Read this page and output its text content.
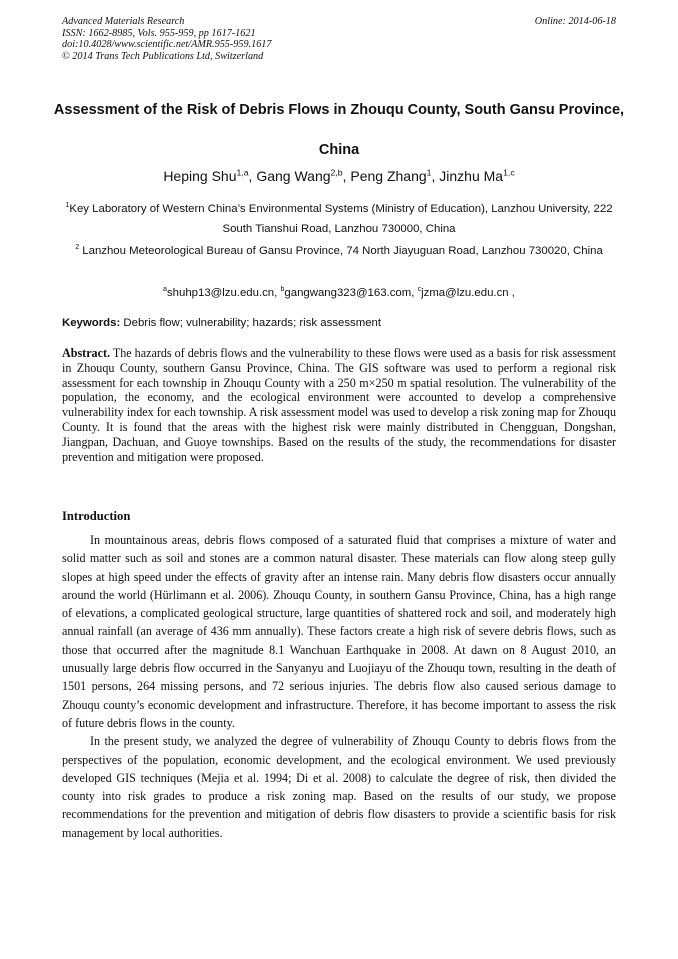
Advanced Materials Research	Online: 2014-06-18
ISSN: 1662-8985, Vols. 955-959, pp 1617-1621
doi:10.4028/www.scientific.net/AMR.955-959.1617
© 2014 Trans Tech Publications Ltd, Switzerland
Assessment of the Risk of Debris Flows in Zhouqu County, South Gansu Province, China
Heping Shu$^{1,a}$, Gang Wang$^{2,b}$, Peng Zhang$^1$, Jinzhu Ma$^{1,c}$
$^1$Key Laboratory of Western China’s Environmental Systems (Ministry of Education), Lanzhou University, 222 South Tianshui Road, Lanzhou 730000, China
$^2$ Lanzhou Meteorological Bureau of Gansu Province, 74 North Jiayuguan Road, Lanzhou 730020, China
$^a$shuhp13@lzu.edu.cn, $^b$gangwang323@163.com, $^c$jzma@lzu.edu.cn ,
Keywords: Debris flow; vulnerability; hazards; risk assessment
Abstract. The hazards of debris flows and the vulnerability to these flows were used as a basis for risk assessment in Zhouqu County, southern Gansu Province, China. The GIS software was used to perform a regional risk assessment for each township in Zhouqu County with a 250 m×250 m spatial resolution. The vulnerability of the population, the economy, and the ecological environment were accounted to develop a comprehensive vulnerability index for each township. A risk assessment model was used to develop a risk zoning map for Zhouqu County. It is found that the areas with the highest risk were mainly distributed in Chengguan, Dongshan, Jiangpan, Dachuan, and Guoye townships. Based on the results of the study, the recommendations for disaster prevention and mitigation were proposed.
Introduction

In mountainous areas, debris flows composed of a saturated fluid that comprises a mixture of water and solid matter such as soil and stones are a common natural disaster. These materials can flow along steep gully slopes at high speed under the effects of gravity after an intense rain. Many debris flow disasters occur annually around the world (Hürlimann et al. 2006). Zhouqu County, in southern Gansu Province, China, has a high range of elevations, a complicated geological structure, large quantities of shattered rock and soil, and moderately high annual rainfall (an average of 436 mm annually). These factors create a high risk of severe debris flows, such as those that occurred after the magnitude 8.1 Wanchuan Earthquake in 2008. At dawn on 8 August 2010, an unusually large debris flow occurred in the Sanyanyu and Luojiayu of the Zhouqu town, resulting in the death of 1501 persons, 264 missing persons, and 72 serious injuries. The debris flow also caused serious damage to Zhouqu county’s economic development and infrastructure. Therefore, it has become important to assess the risk of future debris flows in the county.

In the present study, we analyzed the degree of vulnerability of Zhouqu County to debris flows from the perspectives of the population, economic development, and the ecological environment. We used previously developed GIS techniques (Mejia et al. 1994; Di et al. 2008) to calculate the degree of risk, then divided the county into risk grades to produce a risk zoning map. Based on the results of our study, we propose recommendations for the prevention and mitigation of debris flow disasters to provide a scientific basis for risk management by local authorities.
